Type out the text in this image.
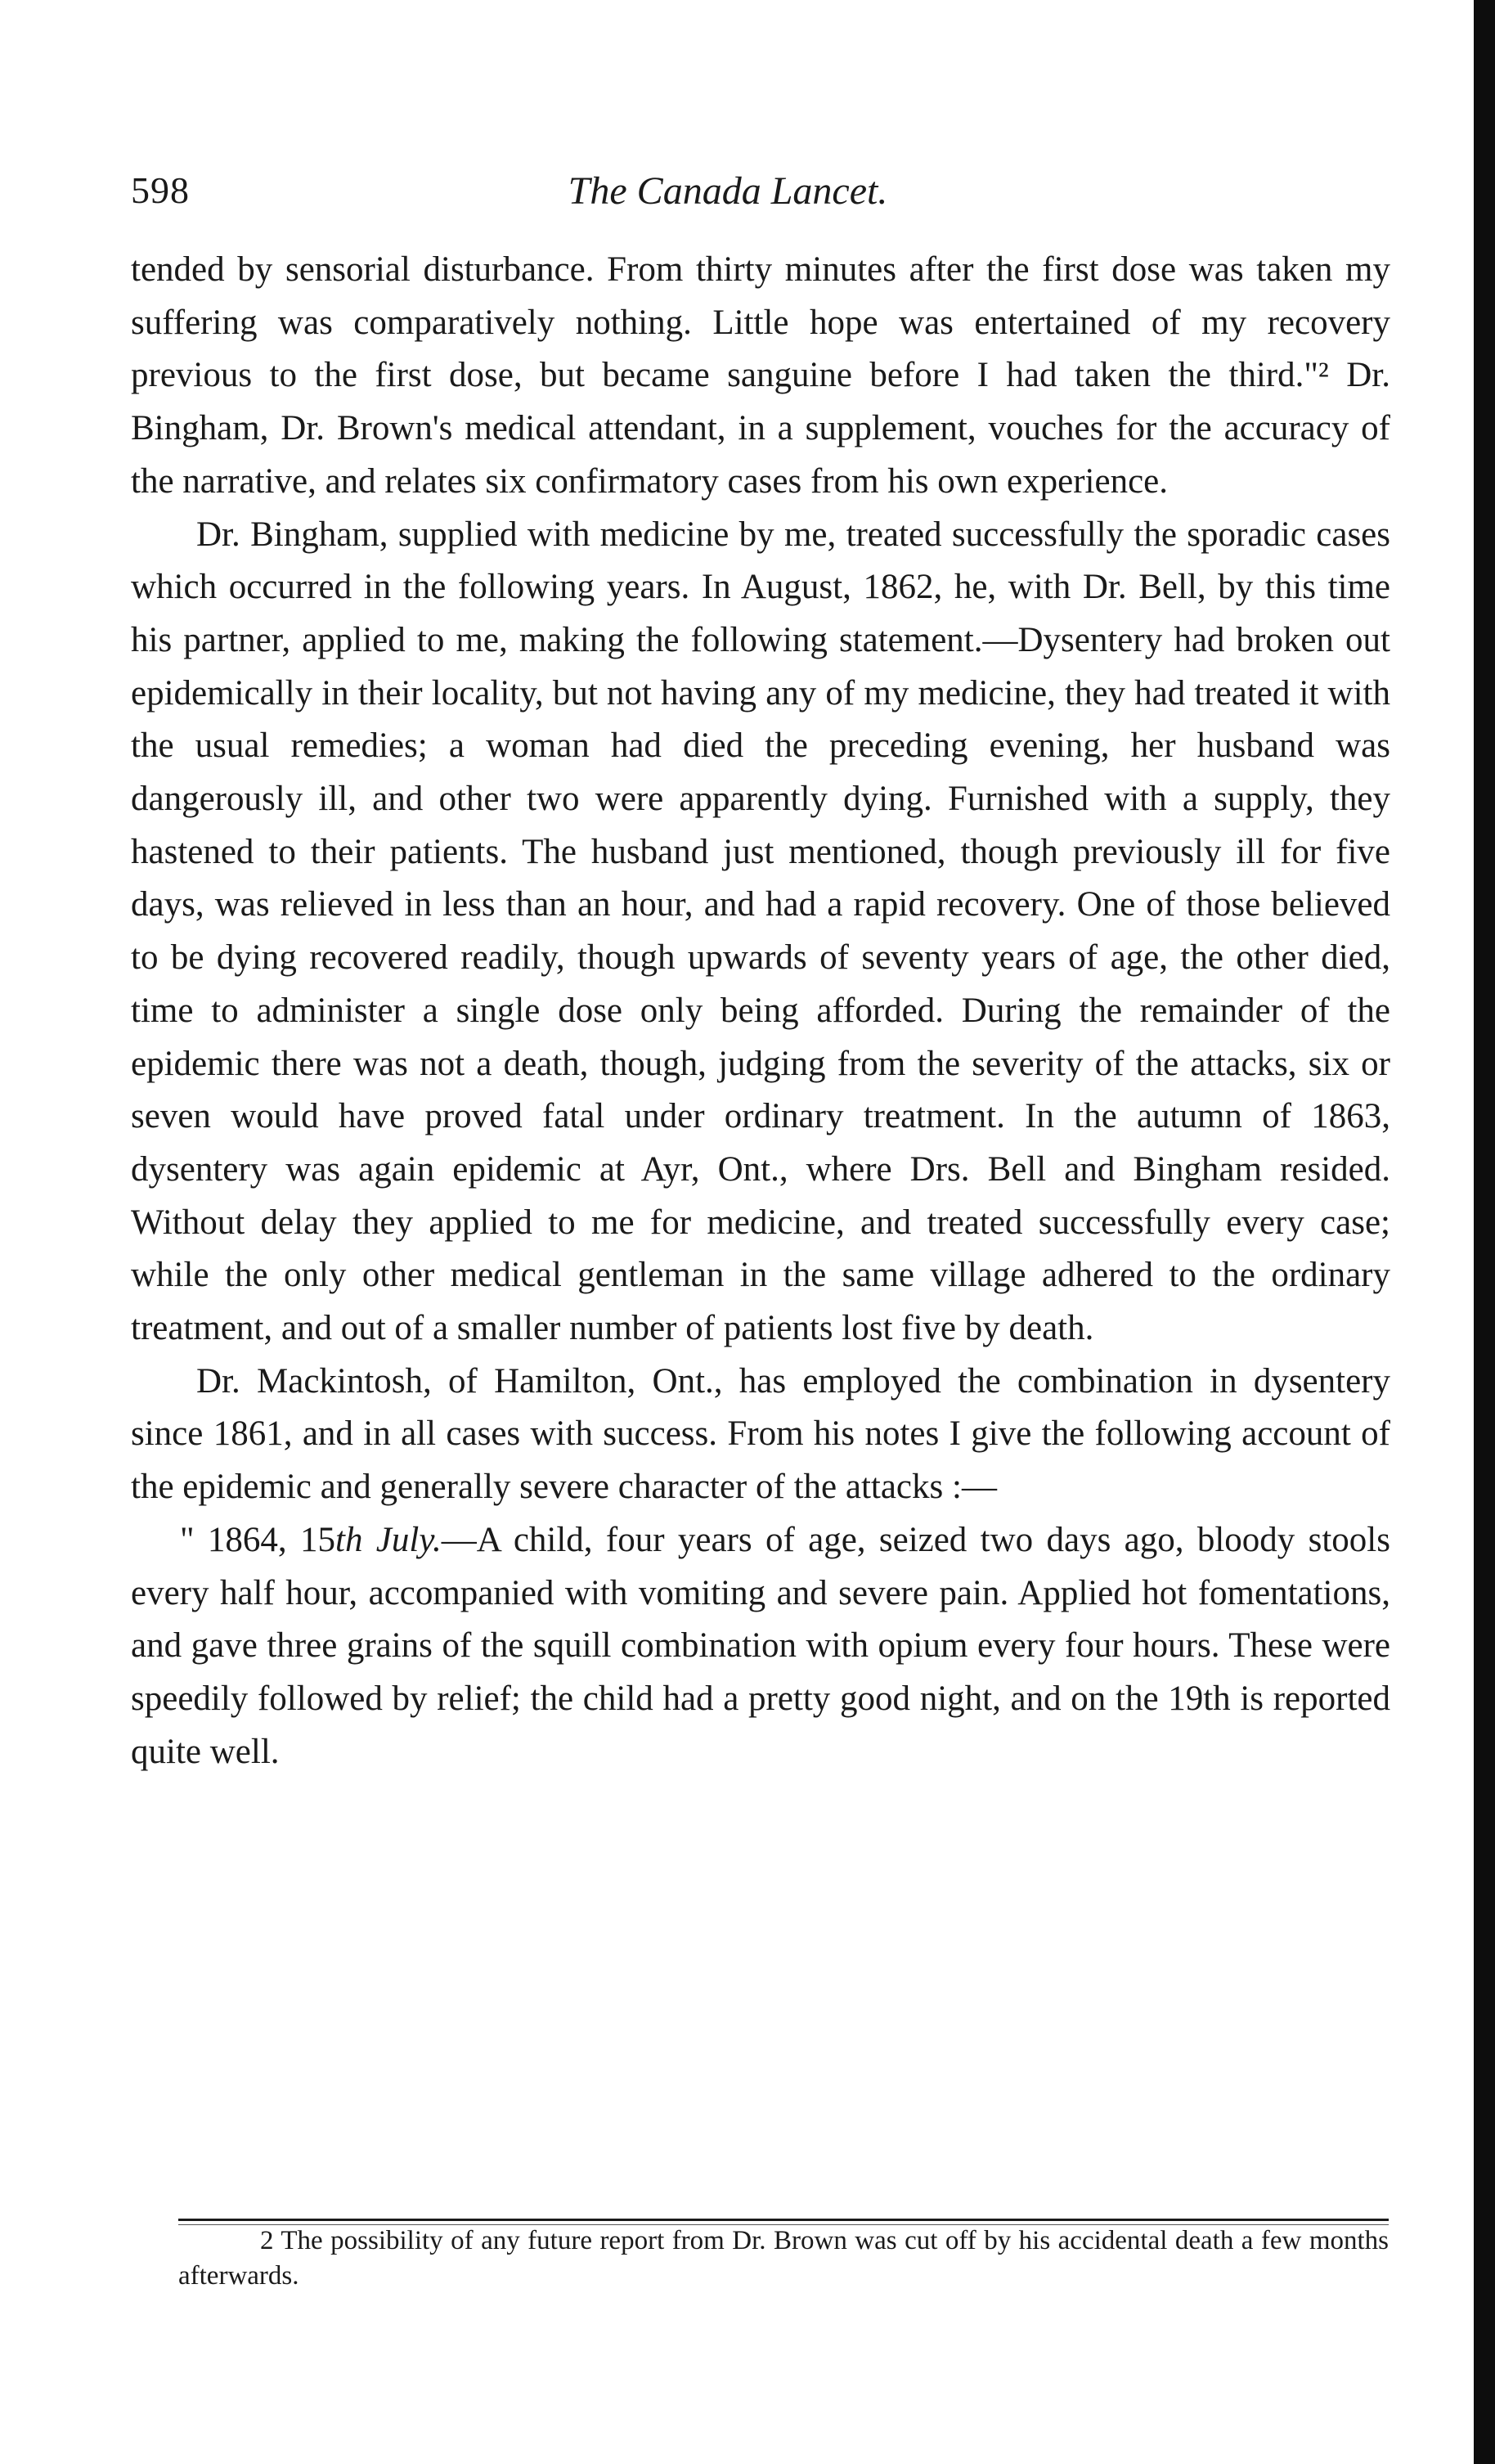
598	The Canada Lancet.

tended by sensorial disturbance. From thirty minutes after the first dose was taken my suffering was comparatively nothing. Little hope was entertained of my recovery previous to the first dose, but became sanguine before I had taken the third."² Dr. Bingham, Dr. Brown's medical attendant, in a supplement, vouches for the accuracy of the narrative, and relates six confirmatory cases from his own experience.

Dr. Bingham, supplied with medicine by me, treated successfully the sporadic cases which occurred in the following years. In August, 1862, he, with Dr. Bell, by this time his partner, applied to me, making the following statement.—Dysentery had broken out epidemically in their locality, but not having any of my medicine, they had treated it with the usual remedies; a woman had died the preceding evening, her husband was dangerously ill, and other two were apparently dying. Furnished with a supply, they hastened to their patients. The husband just mentioned, though previously ill for five days, was relieved in less than an hour, and had a rapid recovery. One of those believed to be dying recovered readily, though upwards of seventy years of age, the other died, time to administer a single dose only being afforded. During the remainder of the epidemic there was not a death, though, judging from the severity of the attacks, six or seven would have proved fatal under ordinary treatment. In the autumn of 1863, dysentery was again epidemic at Ayr, Ont., where Drs. Bell and Bingham resided. Without delay they applied to me for medicine, and treated successfully every case; while the only other medical gentleman in the same village adhered to the ordinary treatment, and out of a smaller number of patients lost five by death.

Dr. Mackintosh, of Hamilton, Ont., has employed the combination in dysentery since 1861, and in all cases with success. From his notes I give the following account of the epidemic and generally severe character of the attacks :—

" 1864, 15th July.—A child, four years of age, seized two days ago, bloody stools every half hour, accompanied with vomiting and severe pain. Applied hot fomentations, and gave three grains of the squill combination with opium every four hours. These were speedily followed by relief; the child had a pretty good night, and on the 19th is reported quite well.

2 The possibility of any future report from Dr. Brown was cut off by his accidental death a few months afterwards.
